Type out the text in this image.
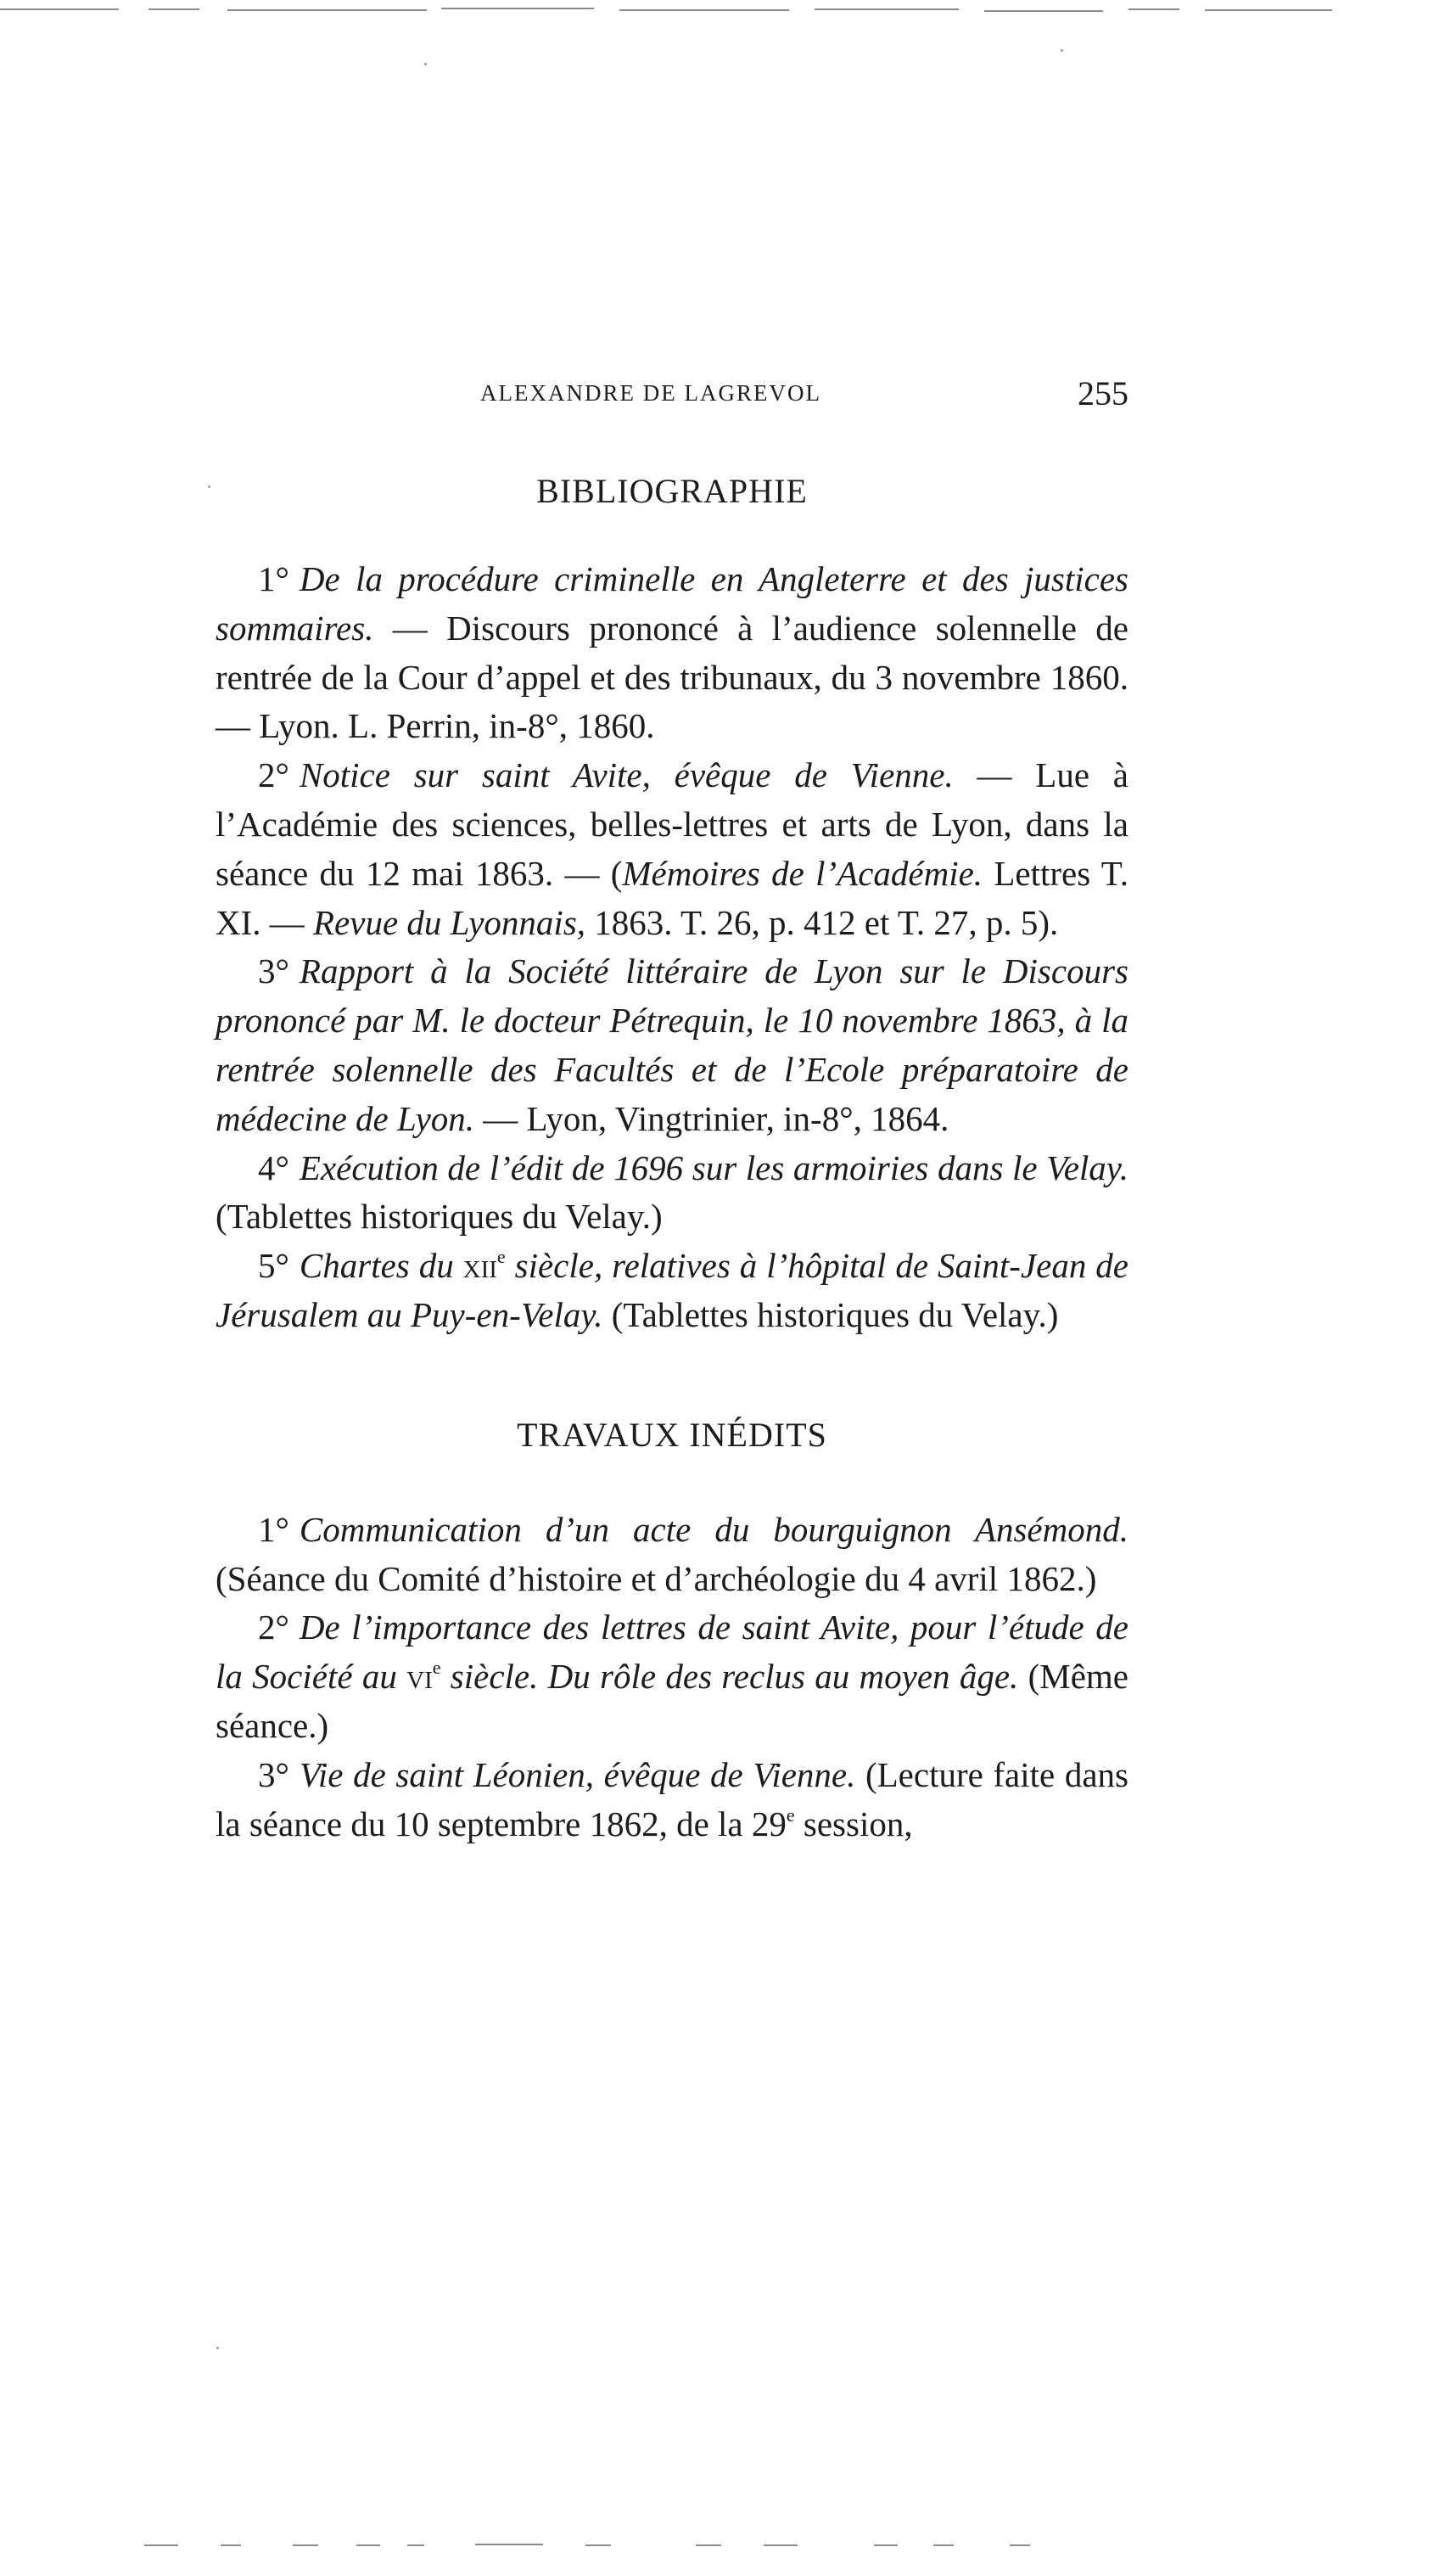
ALEXANDRE DE LAGREVOL	255
BIBLIOGRAPHIE

1° De la procédure criminelle en Angleterre et des justices sommaires. — Discours prononcé à l’audience solennelle de rentrée de la Cour d’appel et des tribunaux, du 3 novembre 1860. — Lyon. L. Perrin, in-8°, 1860.

2° Notice sur saint Avite, évêque de Vienne. — Lue à l’Académie des sciences, belles-lettres et arts de Lyon, dans la séance du 12 mai 1863. — (Mémoires de l’Académie. Lettres T. XI. — Revue du Lyonnais, 1863. T. 26, p. 412 et T. 27, p. 5).

3° Rapport à la Société littéraire de Lyon sur le Discours prononcé par M. le docteur Pétrequin, le 10 novembre 1863, à la rentrée solennelle des Facultés et de l’Ecole préparatoire de médecine de Lyon. — Lyon, Vingtrinier, in-8°, 1864.

4° Exécution de l’édit de 1696 sur les armoiries dans le Velay. (Tablettes historiques du Velay.)

5° Chartes du xii$^e$ siècle, relatives à l’hôpital de Saint-Jean de Jérusalem au Puy-en-Velay. (Tablettes historiques du Velay.)

TRAVAUX INÉDITS

1° Communication d’un acte du bourguignon Ansémond. (Séance du Comité d’histoire et d’archéologie du 4 avril 1862.)

2° De l’importance des lettres de saint Avite, pour l’étude de la Société au $vi^e$ siècle. Du rôle des reclus au moyen âge. (Même séance.)

3° Vie de saint Léonien, évêque de Vienne. (Lecture faite dans la séance du 10 septembre 1862, de la 29e session,
